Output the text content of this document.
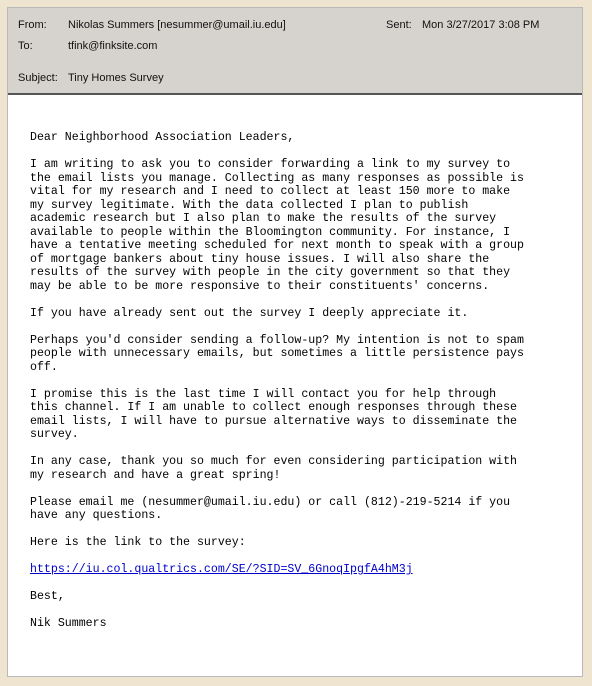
From: Nikolas Summers [nesummer@umail.iu.edu]	Sent: Mon 3/27/2017 3:08 PM
To:	tfink@finksite.com
Subject: Tiny Homes Survey

Dear Neighborhood Association Leaders,

I am writing to ask you to consider forwarding a link to my survey to
the email lists you manage. Collecting as many responses as possible is
vital for my research and I need to collect at least 150 more to make
my survey legitimate. With the data collected I plan to publish
academic research but I also plan to make the results of the survey
available to people within the Bloomington community. For instance, I
have a tentative meeting scheduled for next month to speak with a group
of mortgage bankers about tiny house issues. I will also share the
results of the survey with people in the city government so that they
may be able to be more responsive to their constituents' concerns.

If you have already sent out the survey I deeply appreciate it.

Perhaps you'd consider sending a follow-up? My intention is not to spam
people with unnecessary emails, but sometimes a little persistence pays
off.

I promise this is the last time I will contact you for help through
this channel. If I am unable to collect enough responses through these
email lists, I will have to pursue alternative ways to disseminate the
survey.

In any case, thank you so much for even considering participation with
my research and have a great spring!

Please email me (nesummer@umail.iu.edu) or call (812)-219-5214 if you
have any questions.

Here is the link to the survey:

https://iu.col.qualtrics.com/SE/?SID=SV_6GnoqIpgfA4hM3j

Best,

Nik Summers
